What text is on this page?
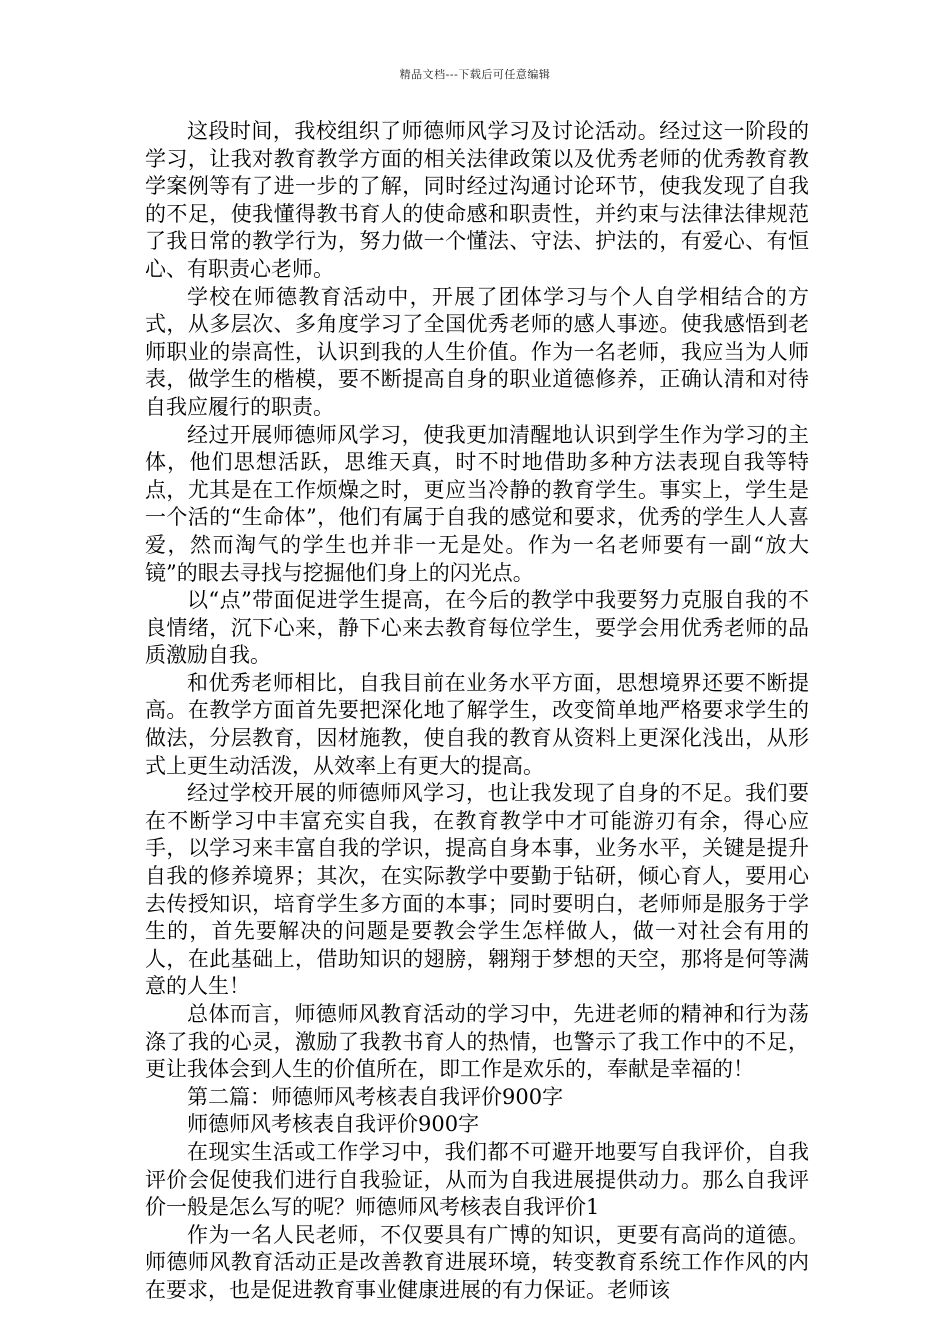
精品文档---下载后可任意编辑

这段时间，我校组织了师德师风学习及讨论活动。经过这一阶段的学习，让我对教育教学方面的相关法律政策以及优秀老师的优秀教育教学案例等有了进一步的了解，同时经过沟通讨论环节，使我发现了自我的不足，使我懂得教书育人的使命感和职责性，并约束与法律法律规范了我日常的教学行为，努力做一个懂法、守法、护法的，有爱心、有恒心、有职责心老师。

学校在师德教育活动中，开展了团体学习与个人自学相结合的方式，从多层次、多角度学习了全国优秀老师的感人事迹。使我感悟到老师职业的崇高性，认识到我的人生价值。作为一名老师，我应当为人师表，做学生的楷模，要不断提高自身的职业道德修养，正确认清和对待自我应履行的职责。

经过开展师德师风学习，使我更加清醒地认识到学生作为学习的主体，他们思想活跃，思维天真，时不时地借助多种方法表现自我等特点，尤其是在工作烦燥之时，更应当冷静的教育学生。事实上，学生是一个活的“生命体”，他们有属于自我的感觉和要求，优秀的学生人人喜爱，然而淘气的学生也并非一无是处。作为一名老师要有一副“放大镜”的眼去寻找与挖掘他们身上的闪光点。

以“点”带面促进学生提高，在今后的教学中我要努力克服自我的不良情绪，沉下心来，静下心来去教育每位学生，要学会用优秀老师的品质激励自我。

和优秀老师相比，自我目前在业务水平方面，思想境界还要不断提高。在教学方面首先要把深化地了解学生，改变简单地严格要求学生的做法，分层教育，因材施教，使自我的教育从资料上更深化浅出，从形式上更生动活泼，从效率上有更大的提高。

经过学校开展的师德师风学习，也让我发现了自身的不足。我们要在不断学习中丰富充实自我，在教育教学中才可能游刃有余，得心应手，以学习来丰富自我的学识，提高自身本事，业务水平，关键是提升自我的修养境界；其次，在实际教学中要勤于钻研，倾心育人，要用心去传授知识，培育学生多方面的本事；同时要明白，老师师是服务于学生的，首先要解决的问题是要教会学生怎样做人，做一对社会有用的人，在此基础上，借助知识的翅膀，翱翔于梦想的天空，那将是何等满意的人生！

总体而言，师德师风教育活动的学习中，先进老师的精神和行为荡涤了我的心灵，激励了我教书育人的热情，也警示了我工作中的不足，更让我体会到人生的价值所在，即工作是欢乐的，奉献是幸福的！

第二篇：师德师风考核表自我评价900字

师德师风考核表自我评价900字

在现实生活或工作学习中，我们都不可避开地要写自我评价，自我评价会促使我们进行自我验证，从而为自我进展提供动力。那么自我评价一般是怎么写的呢？师德师风考核表自我评价1

作为一名人民老师，不仅要具有广博的知识，更要有高尚的道德。师德师风教育活动正是改善教育进展环境，转变教育系统工作作风的内在要求，也是促进教育事业健康进展的有力保证。老师该
